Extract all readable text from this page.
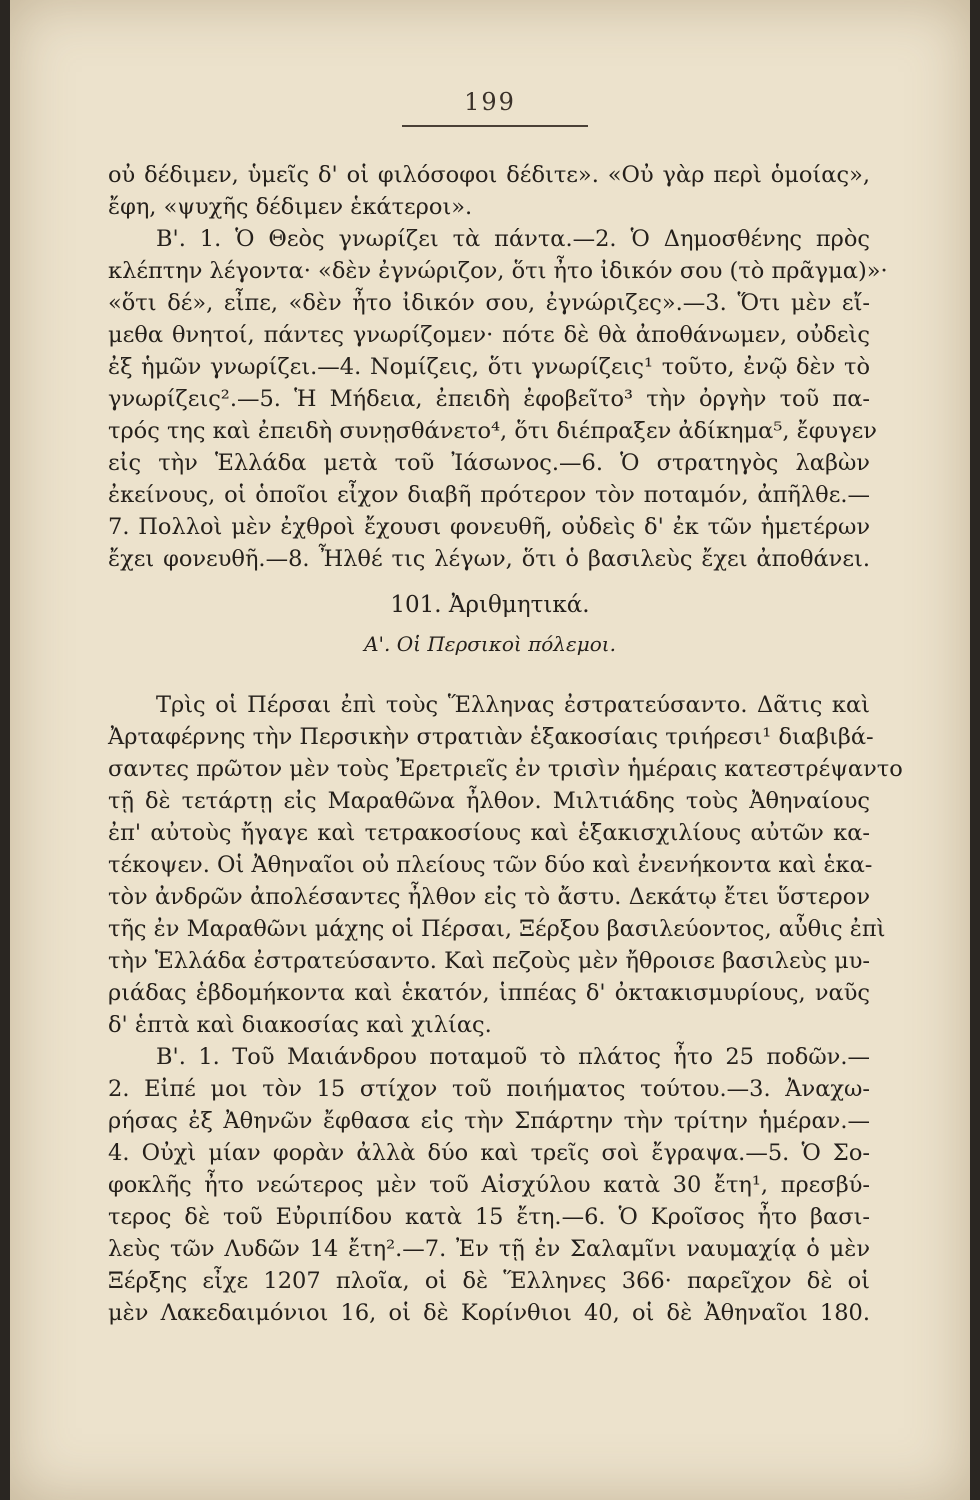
199
οὐ δέδιμεν, ὑμεῖς δ' οἱ φιλόσοφοι δέδιτε». «Οὐ γὰρ περὶ ὁμοίας»,
ἔφη, «ψυχῆς δέδιμεν ἑκάτεροι».
Β'. 1. Ὁ Θεὸς γνωρίζει τὰ πάντα.—2. Ὁ Δημοσθένης πρὸς
κλέπτην λέγοντα· «δὲν ἐγνώριζον, ὅτι ἦτο ἰδικόν σου (τὸ πρᾶγμα)»·
«ὅτι δέ», εἶπε, «δὲν ἦτο ἰδικόν σου, ἐγνώριζες».—3. Ὅτι μὲν εἴ-
μεθα θνητοί, πάντες γνωρίζομεν· πότε δὲ θὰ ἀποθάνωμεν, οὐδεὶς
ἐξ ἡμῶν γνωρίζει.—4. Νομίζεις, ὅτι γνωρίζεις¹ τοῦτο, ἐνῷ δὲν τὸ
γνωρίζεις².—5. Ἡ Μήδεια, ἐπειδὴ ἐφοβεῖτο³ τὴν ὀργὴν τοῦ πα-
τρός της καὶ ἐπειδὴ συνῃσθάνετο⁴, ὅτι διέπραξεν ἀδίκημα⁵, ἔφυγεν
εἰς τὴν Ἑλλάδα μετὰ τοῦ Ἰάσωνος.—6. Ὁ στρατηγὸς λαβὼν
ἐκείνους, οἱ ὁποῖοι εἶχον διαβῆ πρότερον τὸν ποταμόν, ἀπῆλθε.—
7. Πολλοὶ μὲν ἐχθροὶ ἔχουσι φονευθῆ, οὐδεὶς δ' ἐκ τῶν ἡμετέρων
ἔχει φονευθῆ.—8. Ἦλθέ τις λέγων, ὅτι ὁ βασιλεὺς ἔχει ἀποθάνει.
101. Ἀριθμητικά.
Α'. Οἱ Περσικοὶ πόλεμοι.
Τρὶς οἱ Πέρσαι ἐπὶ τοὺς Ἕλληνας ἐστρατεύσαντο. Δᾶτις καὶ
Ἀρταφέρνης τὴν Περσικὴν στρατιὰν ἑξακοσίαις τριήρεσι¹ διαβιβά-
σαντες πρῶτον μὲν τοὺς Ἐρετριεῖς ἐν τρισὶν ἡμέραις κατεστρέψαντο
τῇ δὲ τετάρτῃ εἰς Μαραθῶνα ἦλθον. Μιλτιάδης τοὺς Ἀθηναίους
ἐπ' αὐτοὺς ἤγαγε καὶ τετρακοσίους καὶ ἑξακισχιλίους αὐτῶν κα-
τέκοψεν. Οἱ Ἀθηναῖοι οὐ πλείους τῶν δύο καὶ ἐνενήκοντα καὶ ἑκα-
τὸν ἀνδρῶν ἀπολέσαντες ἦλθον εἰς τὸ ἄστυ. Δεκάτῳ ἔτει ὕστερον
τῆς ἐν Μαραθῶνι μάχης οἱ Πέρσαι, Ξέρξου βασιλεύοντος, αὖθις ἐπὶ
τὴν Ἑλλάδα ἐστρατεύσαντο. Καὶ πεζοὺς μὲν ἤθροισε βασιλεὺς μυ-
ριάδας ἑβδομήκοντα καὶ ἑκατόν, ἱππέας δ' ὀκτακισμυρίους, ναῦς
δ' ἑπτὰ καὶ διακοσίας καὶ χιλίας.
Β'. 1. Τοῦ Μαιάνδρου ποταμοῦ τὸ πλάτος ἦτο 25 ποδῶν.—
2. Εἰπέ μοι τὸν 15 στίχον τοῦ ποιήματος τούτου.—3. Ἀναχω-
ρήσας ἐξ Ἀθηνῶν ἔφθασα εἰς τὴν Σπάρτην τὴν τρίτην ἡμέραν.—
4. Οὐχὶ μίαν φορὰν ἀλλὰ δύο καὶ τρεῖς σοὶ ἔγραψα.—5. Ὁ Σο-
φοκλῆς ἦτο νεώτερος μὲν τοῦ Αἰσχύλου κατὰ 30 ἔτη¹, πρεσβύ-
τερος δὲ τοῦ Εὐριπίδου κατὰ 15 ἔτη.—6. Ὁ Κροῖσος ἦτο βασι-
λεὺς τῶν Λυδῶν 14 ἔτη².—7. Ἐν τῇ ἐν Σαλαμῖνι ναυμαχίᾳ ὁ μὲν
Ξέρξης εἶχε 1207 πλοῖα, οἱ δὲ Ἕλληνες 366· παρεῖχον δὲ οἱ
μὲν Λακεδαιμόνιοι 16, οἱ δὲ Κορίνθιοι 40, οἱ δὲ Ἀθηναῖοι 180.
